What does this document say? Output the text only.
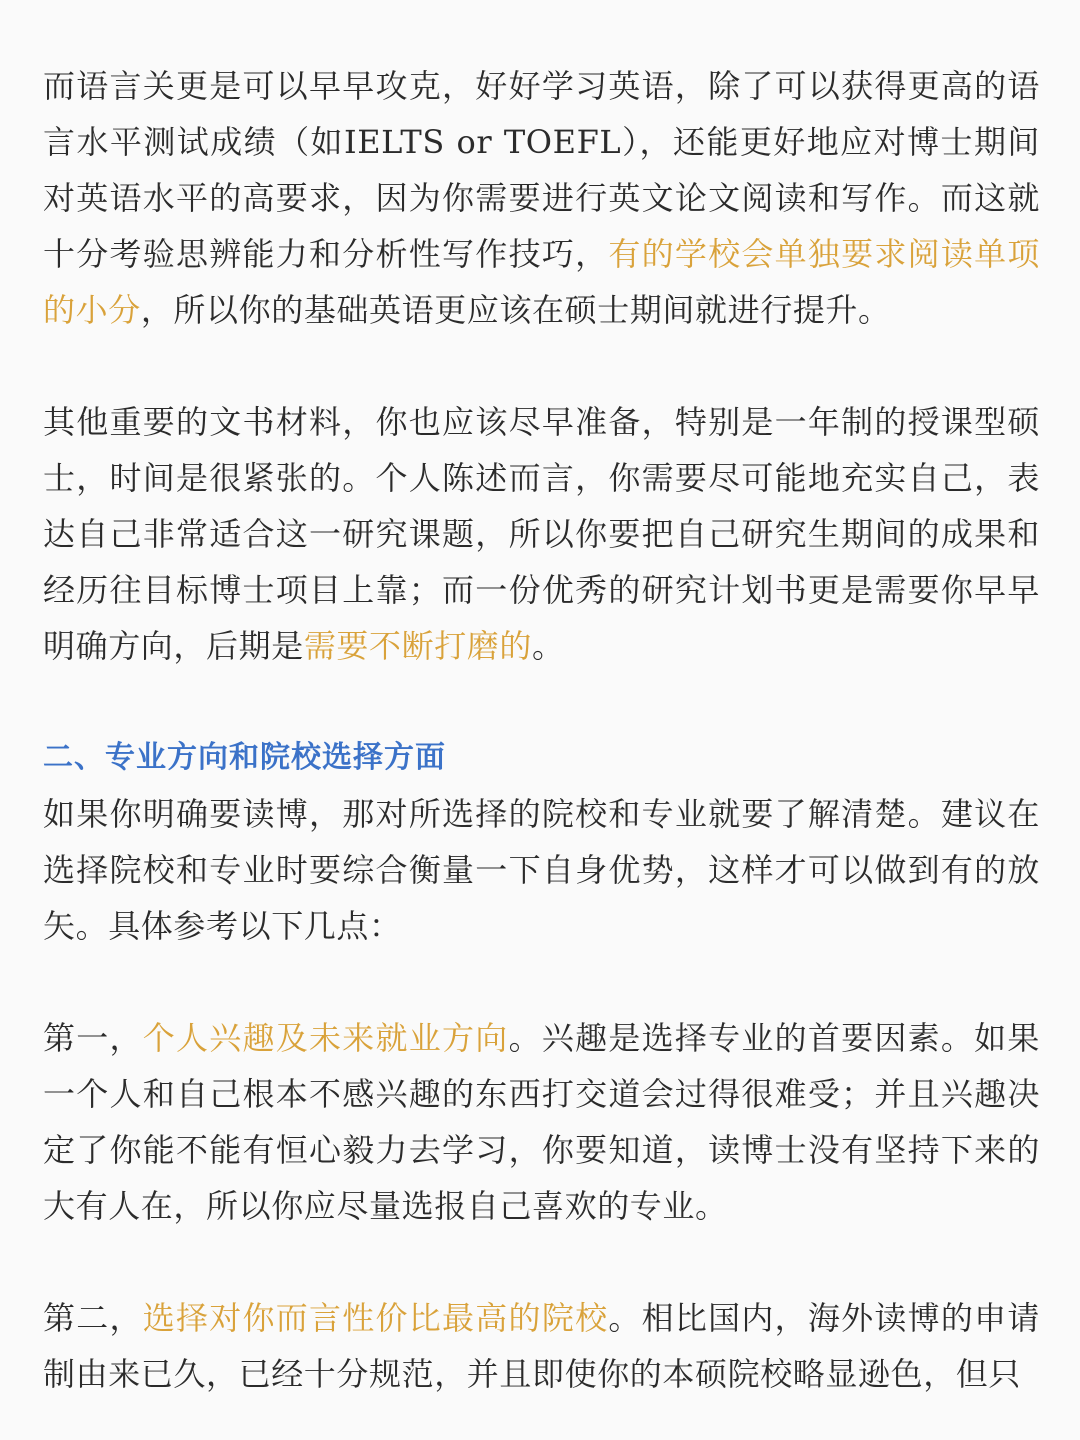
而语言关更是可以早早攻克，好好学习英语，除了可以获得更高的语言水平测试成绩（如IELTS or TOEFL），还能更好地应对博士期间对英语水平的高要求，因为你需要进行英文论文阅读和写作。而这就十分考验思辨能力和分析性写作技巧，有的学校会单独要求阅读单项的小分，所以你的基础英语更应该在硕士期间就进行提升。

其他重要的文书材料，你也应该尽早准备，特别是一年制的授课型硕士，时间是很紧张的。个人陈述而言，你需要尽可能地充实自己，表达自己非常适合这一研究课题，所以你要把自己研究生期间的成果和经历往目标博士项目上靠；而一份优秀的研究计划书更是需要你早早明确方向，后期是需要不断打磨的。

二、专业方向和院校选择方面

如果你明确要读博，那对所选择的院校和专业就要了解清楚。建议在选择院校和专业时要综合衡量一下自身优势，这样才可以做到有的放矢。具体参考以下几点：

第一，个人兴趣及未来就业方向。兴趣是选择专业的首要因素。如果一个人和自己根本不感兴趣的东西打交道会过得很难受；并且兴趣决定了你能不能有恒心毅力去学习，你要知道，读博士没有坚持下来的大有人在，所以你应尽量选报自己喜欢的专业。

第二，选择对你而言性价比最高的院校。相比国内，海外读博的申请制由来已久，已经十分规范，并且即使你的本硕院校略显逊色，但只
